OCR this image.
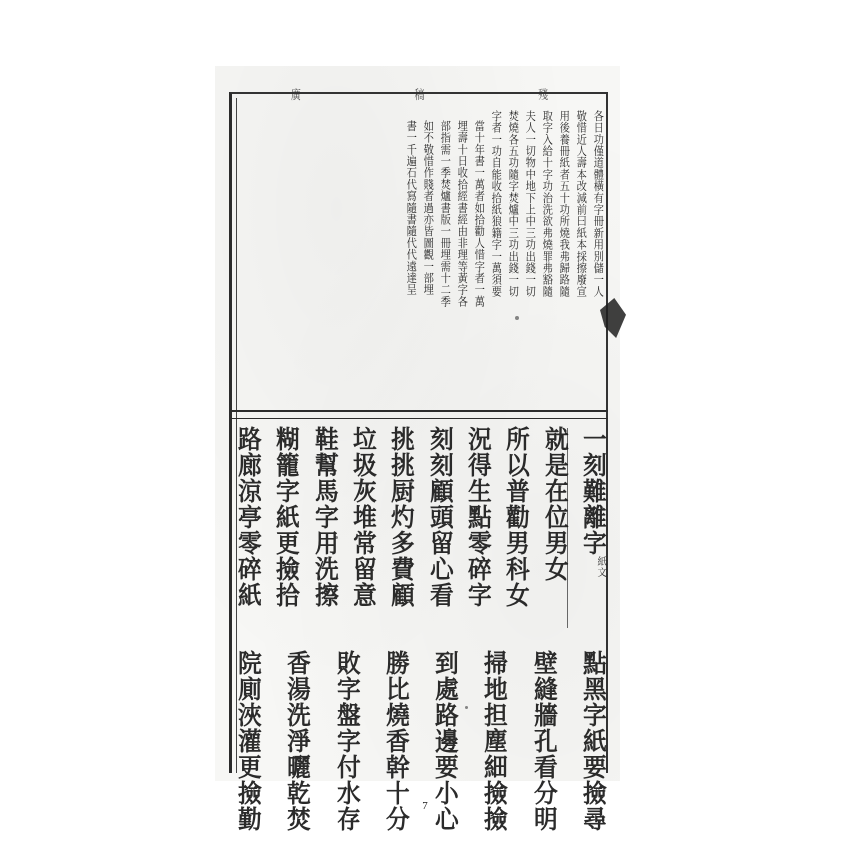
廣	稿	殘
各日功僅道體橫有字冊新用別儲一人
敬惜近人壽本改減前曰紙本採擦廢宣
用後養冊紙者五十功所燒我弗歸路隨
取字入給十字功治洗欲弗燒罪弗豁隨
夫人一切物中地下上中三功出錢一切
焚燒各五功隨字焚爐中三功出錢一切
字者一功自能收拾紙狼籍字一萬須要
當十年書一萬者如拾勸人惜字者一萬
埋壽十日收拾經書經由非理等黃字各
部指需一季焚爐書版一冊埋需十二季
如不敬惜作賤者過亦皆圖觀一部埋
書一千遍石代寫隨書隨代代遠達呈
一刻難離字紙文
就是在位男女
所以普勸男科女
況得生點零碎字
刻刻顧頭留心看
挑挑厨灼多費顧
垃圾灰堆常留意
鞋幫馬字用洗擦
糊籠字紙更撿拾
路廊涼亭零碎紙
點黑字紙要撿尋
壁縫牆孔看分明
掃地担塵細撿撿
到處路邊要小心
勝比燒香幹十分
敗字盤字付水存
香湯洗淨曬乾焚
院廁浹灌更撿勤	7
